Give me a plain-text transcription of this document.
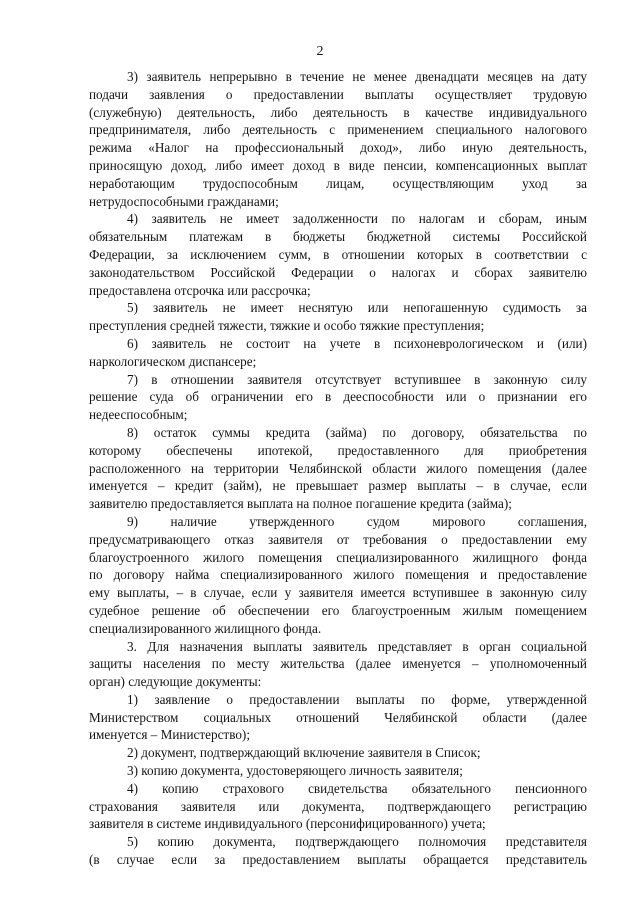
2
3) заявитель непрерывно в течение не менее двенадцати месяцев на дату
подачи заявления о предоставлении выплаты осуществляет трудовую
(служебную) деятельность, либо деятельность в качестве индивидуального
предпринимателя, либо деятельность с применением специального налогового
режима «Налог на профессиональный доход», либо иную деятельность,
приносящую доход, либо имеет доход в виде пенсии, компенсационных выплат
неработающим трудоспособным лицам, осуществляющим уход за
нетрудоспособными гражданами;
4) заявитель не имеет задолженности по налогам и сборам, иным
обязательным платежам в бюджеты бюджетной системы Российской
Федерации, за исключением сумм, в отношении которых в соответствии с
законодательством Российской Федерации о налогах и сборах заявителю
предоставлена отсрочка или рассрочка;
5) заявитель не имеет неснятую или непогашенную судимость за
преступления средней тяжести, тяжкие и особо тяжкие преступления;
6) заявитель не состоит на учете в психоневрологическом и (или)
наркологическом диспансере;
7) в отношении заявителя отсутствует вступившее в законную силу
решение суда об ограничении его в дееспособности или о признании его
недееспособным;
8) остаток суммы кредита (займа) по договору, обязательства по
которому обеспечены ипотекой, предоставленного для приобретения
расположенного на территории Челябинской области жилого помещения (далее
именуется – кредит (займ), не превышает размер выплаты – в случае, если
заявителю предоставляется выплата на полное погашение кредита (займа);
9) наличие утвержденного судом мирового соглашения,
предусматривающего отказ заявителя от требования о предоставлении ему
благоустроенного жилого помещения специализированного жилищного фонда
по договору найма специализированного жилого помещения и предоставление
ему выплаты, – в случае, если у заявителя имеется вступившее в законную силу
судебное решение об обеспечении его благоустроенным жилым помещением
специализированного жилищного фонда.
3. Для назначения выплаты заявитель представляет в орган социальной
защиты населения по месту жительства (далее именуется – уполномоченный
орган) следующие документы:
1) заявление о предоставлении выплаты по форме, утвержденной
Министерством социальных отношений Челябинской области (далее
именуется – Министерство);
2) документ, подтверждающий включение заявителя в Список;
3) копию документа, удостоверяющего личность заявителя;
4) копию страхового свидетельства обязательного пенсионного
страхования заявителя или документа, подтверждающего регистрацию
заявителя в системе индивидуального (персонифицированного) учета;
5) копию документа, подтверждающего полномочия представителя
(в случае если за предоставлением выплаты обращается представитель
